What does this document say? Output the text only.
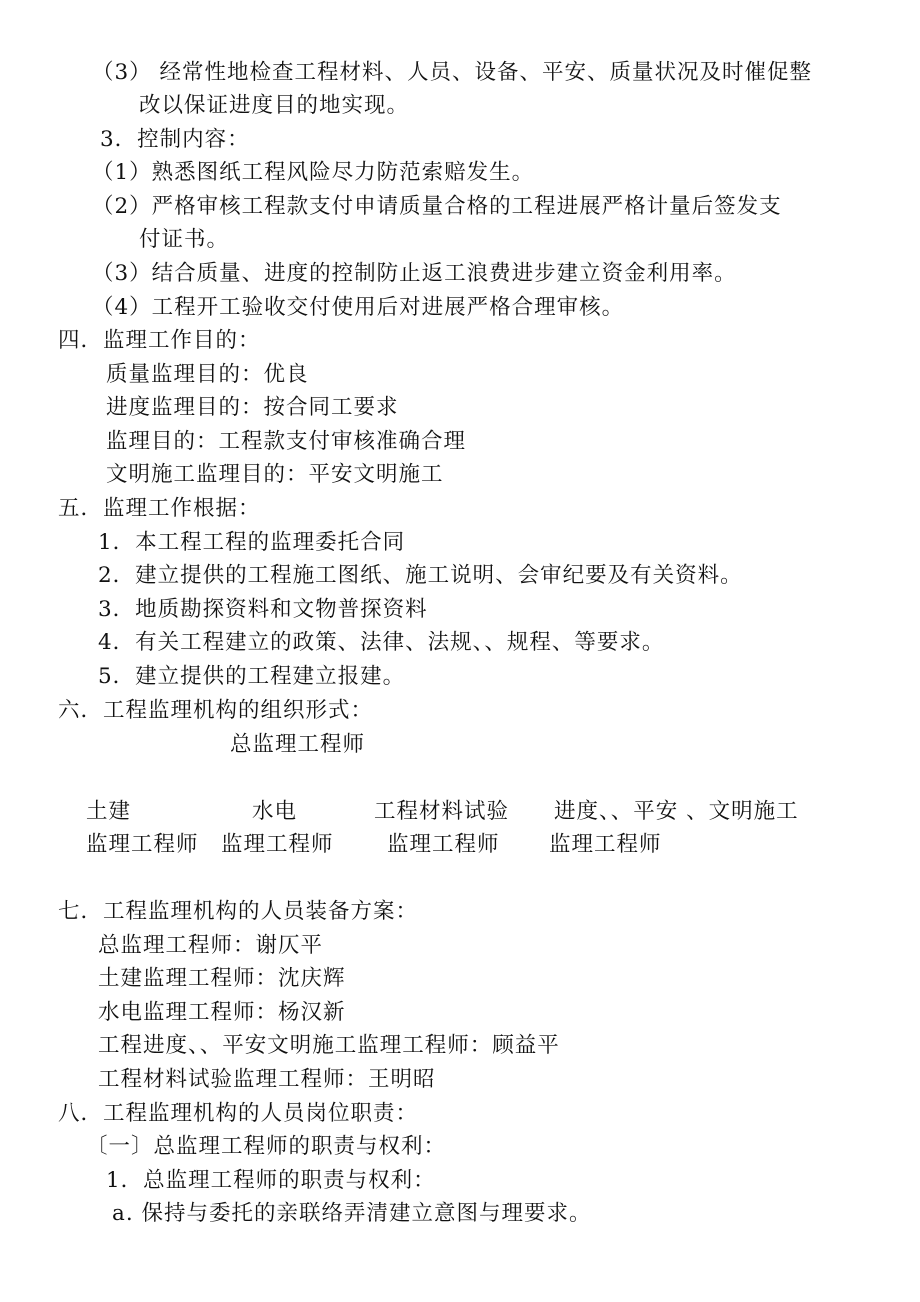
（3） 经常性地检查工程材料、人员、设备、平安、质量状况及时催促整
改以保证进度目的地实现。
3．控制内容：
（1）熟悉图纸工程风险尽力防范索赔发生。
（2）严格审核工程款支付申请质量合格的工程进展严格计量后签发支
付证书。
（3）结合质量、进度的控制防止返工浪费进步建立资金利用率。
（4）工程开工验收交付使用后对进展严格合理审核。
四．监理工作目的：
质量监理目的：优良
进度监理目的：按合同工要求
监理目的：工程款支付审核准确合理
文明施工监理目的：平安文明施工
五．监理工作根据：
1．本工程工程的监理委托合同
2．建立提供的工程施工图纸、施工说明、会审纪要及有关资料。
3．地质勘探资料和文物普探资料
4．有关工程建立的政策、法律、法规、、规程、等要求。
5．建立提供的工程建立报建。
六．工程监理机构的组织形式：
总监理工程师
土建	水电	工程材料试验 进度、、平安 、文明施工
监理工程师 监理工程师 监理工程师 监理工程师
七．工程监理机构的人员装备方案：
总监理工程师：谢仄平
土建监理工程师：沈庆辉
水电监理工程师：杨汉新
工程进度、、平安文明施工监理工程师：顾益平
工程材料试验监理工程师：王明昭
八．工程监理机构的人员岗位职责：
〔一〕总监理工程师的职责与权利：
1．总监理工程师的职责与权利：
a. 保持与委托的亲联络弄清建立意图与理要求。
